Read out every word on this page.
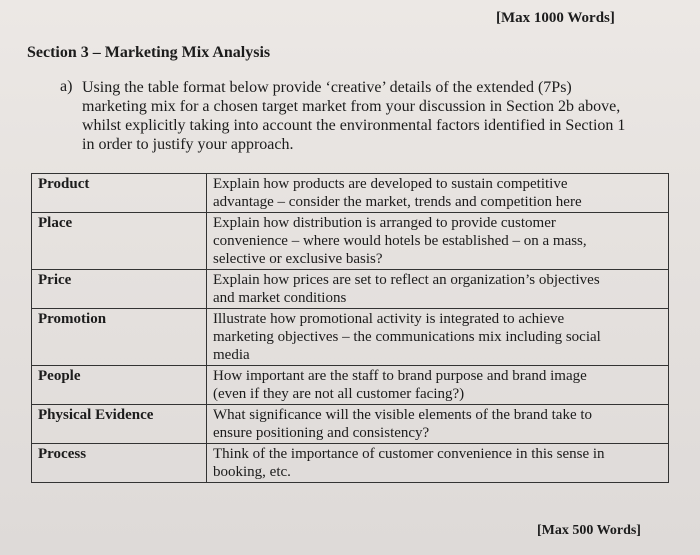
[Max 1000 Words]
Section 3 – Marketing Mix Analysis
a) Using the table format below provide ‘creative’ details of the extended (7Ps)
marketing mix for a chosen target market from your discussion in Section 2b above,
whilst explicitly taking into account the environmental factors identified in Section 1
in order to justify your approach.
Product	Explain how products are developed to sustain competitive
advantage – consider the market, trends and competition here

Place	Explain how distribution is arranged to provide customer
convenience – where would hotels be established – on a mass,
selective or exclusive basis?

Price	Explain how prices are set to reflect an organization’s objectives
and market conditions

Promotion	Illustrate how promotional activity is integrated to achieve
marketing objectives – the communications mix including social
media

People	How important are the staff to brand purpose and brand image
(even if they are not all customer facing?)

Physical Evidence	What significance will the visible elements of the brand take to
ensure positioning and consistency?

Process	Think of the importance of customer convenience in this sense in
booking, etc.
[Max 500 Words]
